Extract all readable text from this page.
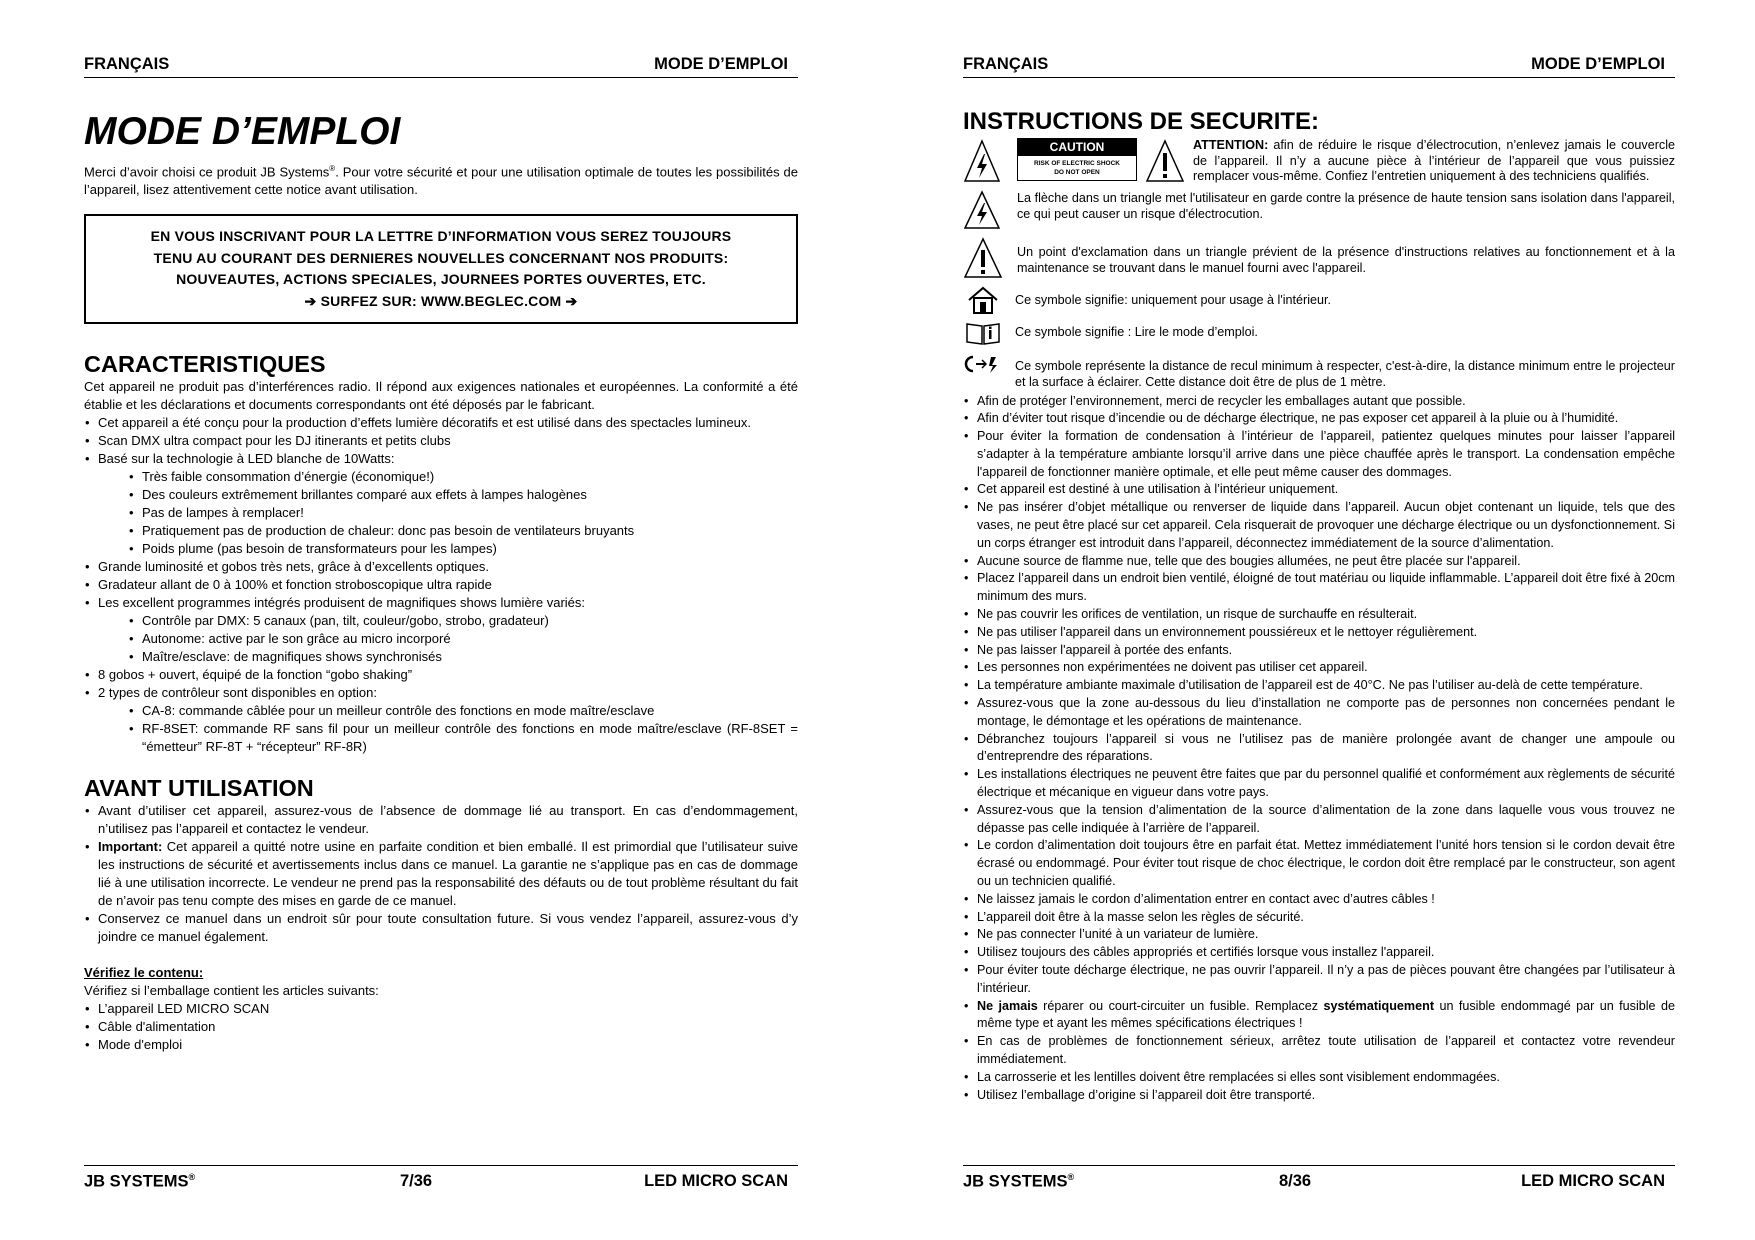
FRANÇAIS	MODE D’EMPLOI
MODE D’EMPLOI

Merci d’avoir choisi ce produit JB Systems®. Pour votre sécurité et pour une utilisation optimale de toutes les possibilités de l’appareil, lisez attentivement cette notice avant utilisation.

EN VOUS INSCRIVANT POUR LA LETTRE D’INFORMATION VOUS SEREZ TOUJOURS
TENU AU COURANT DES DERNIERES NOUVELLES CONCERNANT NOS PRODUITS:
NOUVEAUTES, ACTIONS SPECIALES, JOURNEES PORTES OUVERTES, ETC.
➔ SURFEZ SUR: WWW.BEGLEC.COM ➔
CARACTERISTIQUES

Cet appareil ne produit pas d’interférences radio. Il répond aux exigences nationales et européennes. La conformité a été établie et les déclarations et documents correspondants ont été déposés par le fabricant.

• Cet appareil a été conçu pour la production d’effets lumière décoratifs et est utilisé dans des spectacles lumineux.
• Scan DMX ultra compact pour les DJ itinerants et petits clubs
• Basé sur la technologie à LED blanche de 10Watts:
• Très faible consommation d’énergie (économique!)
• Des couleurs extrêmement brillantes comparé aux effets à lampes halogènes
• Pas de lampes à remplacer!
• Pratiquement pas de production de chaleur: donc pas besoin de ventilateurs bruyants
• Poids plume (pas besoin de transformateurs pour les lampes)
• Grande luminosité et gobos très nets, grâce à d’excellents optiques.
• Gradateur allant de 0 à 100% et fonction stroboscopique ultra rapide
• Les excellent programmes intégrés produisent de magnifiques shows lumière variés:
• Contrôle par DMX: 5 canaux (pan, tilt, couleur/gobo, strobo, gradateur)
• Autonome: active par le son grâce au micro incorporé
• Maître/esclave: de magnifiques shows synchronisés
• 8 gobos + ouvert, équipé de la fonction “gobo shaking”
• 2 types de contrôleur sont disponibles en option:
• CA-8: commande câblée pour un meilleur contrôle des fonctions en mode maître/esclave
• RF-8SET: commande RF sans fil pour un meilleur contrôle des fonctions en mode maître/esclave (RF-8SET = “émetteur” RF-8T + “récepteur” RF-8R)
AVANT UTILISATION
• Avant d’utiliser cet appareil, assurez-vous de l’absence de dommage lié au transport. En cas d’endommagement, n’utilisez pas l’appareil et contactez le vendeur.
• Important: Cet appareil a quitté notre usine en parfaite condition et bien emballé. Il est primordial que l’utilisateur suive les instructions de sécurité et avertissements inclus dans ce manuel. La garantie ne s’applique pas en cas de dommage lié à une utilisation incorrecte. Le vendeur ne prend pas la responsabilité des défauts ou de tout problème résultant du fait de n’avoir pas tenu compte des mises en garde de ce manuel.
• Conservez ce manuel dans un endroit sûr pour toute consultation future. Si vous vendez l’appareil, assurez-vous d’y joindre ce manuel également.
Vérifiez le contenu:

Vérifiez si l’emballage contient les articles suivants:

• L’appareil LED MICRO SCAN
• Câble d'alimentation
• Mode d'emploi
JB SYSTEMS®	7/36	LED MICRO SCAN
FRANÇAIS	MODE D’EMPLOI
INSTRUCTIONS DE SECURITE:
CAUTION
RISK OF ELECTRIC SHOCK
DO NOT OPEN
ATTENTION: afin de réduire le risque d’électrocution, n’enlevez jamais le couvercle de l’appareil. Il n’y a aucune pièce à l’intérieur de l’appareil que vous puissiez remplacer vous-même. Confiez l’entretien uniquement à des techniciens qualifiés.
La flèche dans un triangle met l'utilisateur en garde contre la présence de haute tension sans isolation dans l'appareil, ce qui peut causer un risque d'électrocution.
Un point d'exclamation dans un triangle prévient de la présence d'instructions relatives au fonctionnement et à la maintenance se trouvant dans le manuel fourni avec l'appareil.
Ce symbole signifie: uniquement pour usage à l'intérieur.
Ce symbole signifie : Lire le mode d’emploi.
Ce symbole représente la distance de recul minimum à respecter, c'est-à-dire, la distance minimum entre le projecteur et la surface à éclairer. Cette distance doit être de plus de 1 mètre.
• Afin de protéger l’environnement, merci de recycler les emballages autant que possible.
• Afin d’éviter tout risque d’incendie ou de décharge électrique, ne pas exposer cet appareil à la pluie ou à l’humidité.
• Pour éviter la formation de condensation à l’intérieur de l’appareil, patientez quelques minutes pour laisser l’appareil s’adapter à la température ambiante lorsqu’il arrive dans une pièce chauffée après le transport. La condensation empêche l'appareil de fonctionner manière optimale, et elle peut même causer des dommages.
• Cet appareil est destiné à une utilisation à l’intérieur uniquement.
• Ne pas insérer d’objet métallique ou renverser de liquide dans l’appareil. Aucun objet contenant un liquide, tels que des vases, ne peut être placé sur cet appareil. Cela risquerait de provoquer une décharge électrique ou un dysfonctionnement. Si un corps étranger est introduit dans l’appareil, déconnectez immédiatement de la source d’alimentation.
• Aucune source de flamme nue, telle que des bougies allumées, ne peut être placée sur l'appareil.
• Placez l’appareil dans un endroit bien ventilé, éloigné de tout matériau ou liquide inflammable. L’appareil doit être fixé à 20cm minimum des murs.
• Ne pas couvrir les orifices de ventilation, un risque de surchauffe en résulterait.
• Ne pas utiliser l'appareil dans un environnement poussiéreux et le nettoyer régulièrement.
• Ne pas laisser l'appareil à portée des enfants.
• Les personnes non expérimentées ne doivent pas utiliser cet appareil.
• La température ambiante maximale d’utilisation de l’appareil est de 40°C. Ne pas l’utiliser au-delà de cette température.
• Assurez-vous que la zone au-dessous du lieu d’installation ne comporte pas de personnes non concernées pendant le montage, le démontage et les opérations de maintenance.
• Débranchez toujours l’appareil si vous ne l’utilisez pas de manière prolongée avant de changer une ampoule ou d’entreprendre des réparations.
• Les installations électriques ne peuvent être faites que par du personnel qualifié et conformément aux règlements de sécurité électrique et mécanique en vigueur dans votre pays.
• Assurez-vous que la tension d’alimentation de la source d’alimentation de la zone dans laquelle vous vous trouvez ne dépasse pas celle indiquée à l’arrière de l’appareil.
• Le cordon d’alimentation doit toujours être en parfait état. Mettez immédiatement l’unité hors tension si le cordon devait être écrasé ou endommagé. Pour éviter tout risque de choc électrique, le cordon doit être remplacé par le constructeur, son agent ou un technicien qualifié.
• Ne laissez jamais le cordon d’alimentation entrer en contact avec d’autres câbles !
• L’appareil doit être à la masse selon les règles de sécurité.
• Ne pas connecter l’unité à un variateur de lumière.
• Utilisez toujours des câbles appropriés et certifiés lorsque vous installez l'appareil.
• Pour éviter toute décharge électrique, ne pas ouvrir l’appareil. Il n’y a pas de pièces pouvant être changées par l’utilisateur à l’intérieur.
• Ne jamais réparer ou court-circuiter un fusible. Remplacez systématiquement un fusible endommagé par un fusible de même type et ayant les mêmes spécifications électriques !
• En cas de problèmes de fonctionnement sérieux, arrêtez toute utilisation de l’appareil et contactez votre revendeur immédiatement.
• La carrosserie et les lentilles doivent être remplacées si elles sont visiblement endommagées.
• Utilisez l’emballage d’origine si l’appareil doit être transporté.
JB SYSTEMS®	8/36	LED MICRO SCAN
